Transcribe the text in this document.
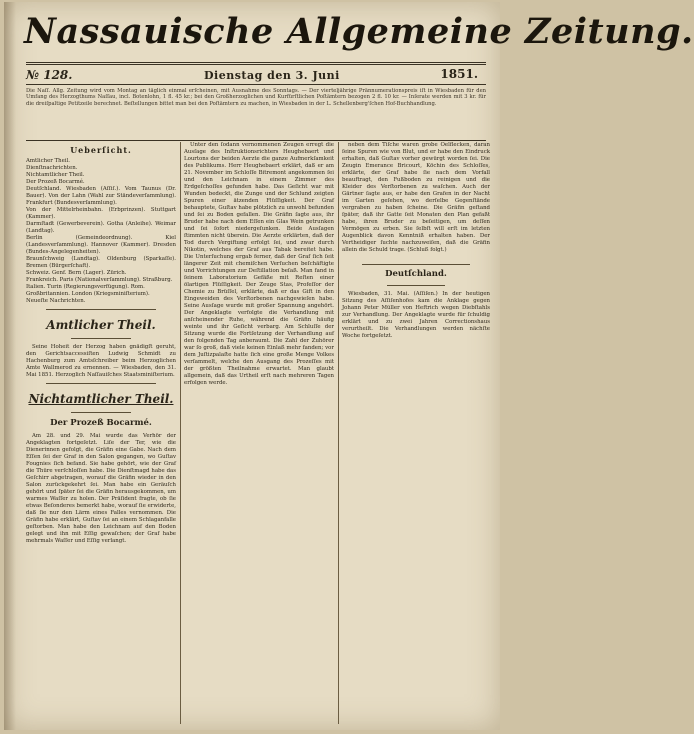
Nassauische Allgemeine Zeitung.
№ 128.	Dienstag den 3. Juni	1851.
Die Naſſ. Allg. Zeitung wird vom Montag an täglich einmal erſcheinen, mit Ausnahme des Sonntags. — Der vierteljährige Prännumerationspreis iſt in Wiesbaden für den Umfang des Herzogthums Naſſau, incl. Botenlohn, 1 fl. 45 kr.; bei den Großherzoglichen und Kurfürſtlichen Poſtämtern bezogen 2 fl. 10 kr. — Inſerate werden mit 3 kr. für die dreiſpaltige Petitzeile berechnet. Beſtellungen bittet man bei den Poſtämtern zu machen, in Wiesbaden in der L. Schellenberg'ſchen Hof-Buchhandlung.
Ueberſicht.
Amtlicher Theil.
Dienſtnachrichten.
Nichtamtlicher Theil.
Der Prozeß Bocarmé.
Deutſchland. Wiesbaden (Aſſiſ.). Vom Taunus (Dr. Bauer). Von der Lahn (Wahl zur Ständeverſammlung). Frankfurt (Bundesverſammlung).
Von der Mittelrheinbahn. (Erbprinzen). Stuttgart (Kammer).
Darmſtadt (Gewerbeverein). Gotha (Anleihe). Weimar (Landtag).
Berlin (Gemeindeordnung). Kiel (Landesverſammlung). Hannover (Kammer). Dresden (Bundes-Angelegenheiten).
Braunſchweig (Landtag). Oldenburg (Sparkaſſe). Bremen (Bürgerſchaft).
Schweiz. Genf. Bern (Lager). Zürich.
Frankreich. Paris (Nationalverſammlung). Straßburg.
Italien. Turin (Regierungsverfügung). Rom.
Großbritannien. London (Kriegsminiſterium).
Neueſte Nachrichten.
Amtlicher Theil.
Seine Hoheit der Herzog haben gnädigſt geruht, den Gerichtsaccessiſten Ludwig Schmidt zu Hachenburg zum Amtsſchreiber beim Herzoglichen Amte Wallmerod zu ernennen. — Wiesbaden, den 31. Mai 1851. Herzoglich Naſſauiſches Staatsminiſterium.
Nichtamtlicher Theil.
Der Prozeß Bocarmé.
Am 28. und 29. Mai wurde das Verhör der Angeklagten fortgeſetzt. Liſe der Ter, wie die Dienerinnen gefolgt, die Gräfin eine Gabe. Nach dem Eſſen ſei der Graf in den Salon gegangen, wo Guſtav Fougnies ſich befand. Sie habe gehört, wie der Graf die Thüre verſchloſſen habe. Die Dienſtmagd habe das Geſchirr abgetragen, worauf die Gräfin wieder in den Salon zurückgekehrt ſei. Man habe ein Geräuſch gehört und ſpäter ſei die Gräfin herausgekommen, um warmes Waſſer zu holen. Der Präſident fragte, ob ſie etwas Beſonderes bemerkt habe, worauf ſie erwiderte, daß ſie nur den Lärm eines Falles vernommen. Die Gräfin habe erklärt, Guſtav ſei an einem Schlaganfalle geſtorben. Man habe den Leichnam auf den Boden gelegt und ihn mit Eſſig gewaſchen; der Graf habe mehrmals Waſſer und Eſſig verlangt.
Unter den ſodann vernommenen Zeugen erregt die Ausſage des Inſtruktionsrichters Heughebaert und Lourtons der beiden Aerzte die ganze Aufmerkſamkeit des Publikums. Herr Heughebaert erklärt, daß er am 21. November im Schloſſe Bitremont angekommen ſei und den Leichnam in einem Zimmer des Erdgeſchoſſes gefunden habe. Das Geſicht war mit Wunden bedeckt, die Zunge und der Schlund zeigten Spuren einer ätzenden Flüſſigkeit. Der Graf behauptete, Guſtav habe plötzlich zu unwohl befunden und ſei zu Boden gefallen. Die Gräfin ſagte aus, ihr Bruder habe nach dem Eſſen ein Glas Wein getrunken und ſei ſofort niedergeſunken. Beide Ausſagen ſtimmten nicht überein. Die Aerzte erklärten, daß der Tod durch Vergiftung erfolgt ſei, und zwar durch Nikotin, welches der Graf aus Tabak bereitet habe. Die Unterſuchung ergab ferner, daß der Graf ſich ſeit längerer Zeit mit chemiſchen Verſuchen beſchäftigte und Vorrichtungen zur Deſtillation beſaß. Man fand in ſeinem Laboratorium Gefäße mit Reſten einer ölartigen Flüſſigkeit. Der Zeuge Stas, Profeſſor der Chemie zu Brüſſel, erklärte, daß er das Gift in den Eingeweiden des Verſtorbenen nachgewieſen habe. Seine Ausſage wurde mit großer Spannung angehört. Der Angeklagte verfolgte die Verhandlung mit anſcheinender Ruhe, während die Gräfin häufig weinte und ihr Geſicht verbarg. Am Schluſſe der Sitzung wurde die Fortſetzung der Verhandlung auf den folgenden Tag anberaumt. Die Zahl der Zuhörer war ſo groß, daß viele keinen Einlaß mehr fanden; vor dem Juſtizpalaſte hatte ſich eine große Menge Volkes verſammelt, welche den Ausgang des Prozeſſes mit der größten Theilnahme erwartet. Man glaubt allgemein, daß das Urtheil erſt nach mehreren Tagen erfolgen werde.
neben dem Tiſche waren grobe Oelflecken, daran ſeine Spuren wie von Blut, und er habe den Eindruck erhalten, daß Guſtav vorher gewürgt worden ſei. Die Zeugin Emerance Bricourt, Köchin des Schloſſes, erklärte, der Graf habe ſie nach dem Vorfall beauftragt, den Fußboden zu reinigen und die Kleider des Verſtorbenen zu waſchen. Auch der Gärtner ſagte aus, er habe den Grafen in der Nacht im Garten geſehen, wo derſelbe Gegenſtände vergraben zu haben ſcheine. Die Gräfin geſtand ſpäter, daß ihr Gatte ſeit Monaten den Plan gefaßt habe, ihren Bruder zu beſeitigen, um deſſen Vermögen zu erben. Sie ſelbſt will erſt im letzten Augenblick davon Kenntniß erhalten haben. Der Vertheidiger ſuchte nachzuweiſen, daß die Gräfin allein die Schuld trage. (Schluß folgt.)
Deutſchland.
Wiesbaden, 31. Mai. (Aſſiſen.) In der heutigen Sitzung des Aſſiſenhofes kam die Anklage gegen Johann Peter Müller von Heftrich wegen Diebſtahls zur Verhandlung. Der Angeklagte wurde für ſchuldig erklärt und zu zwei Jahren Correctionshaus verurtheilt. Die Verhandlungen werden nächſte Woche fortgeſetzt.
